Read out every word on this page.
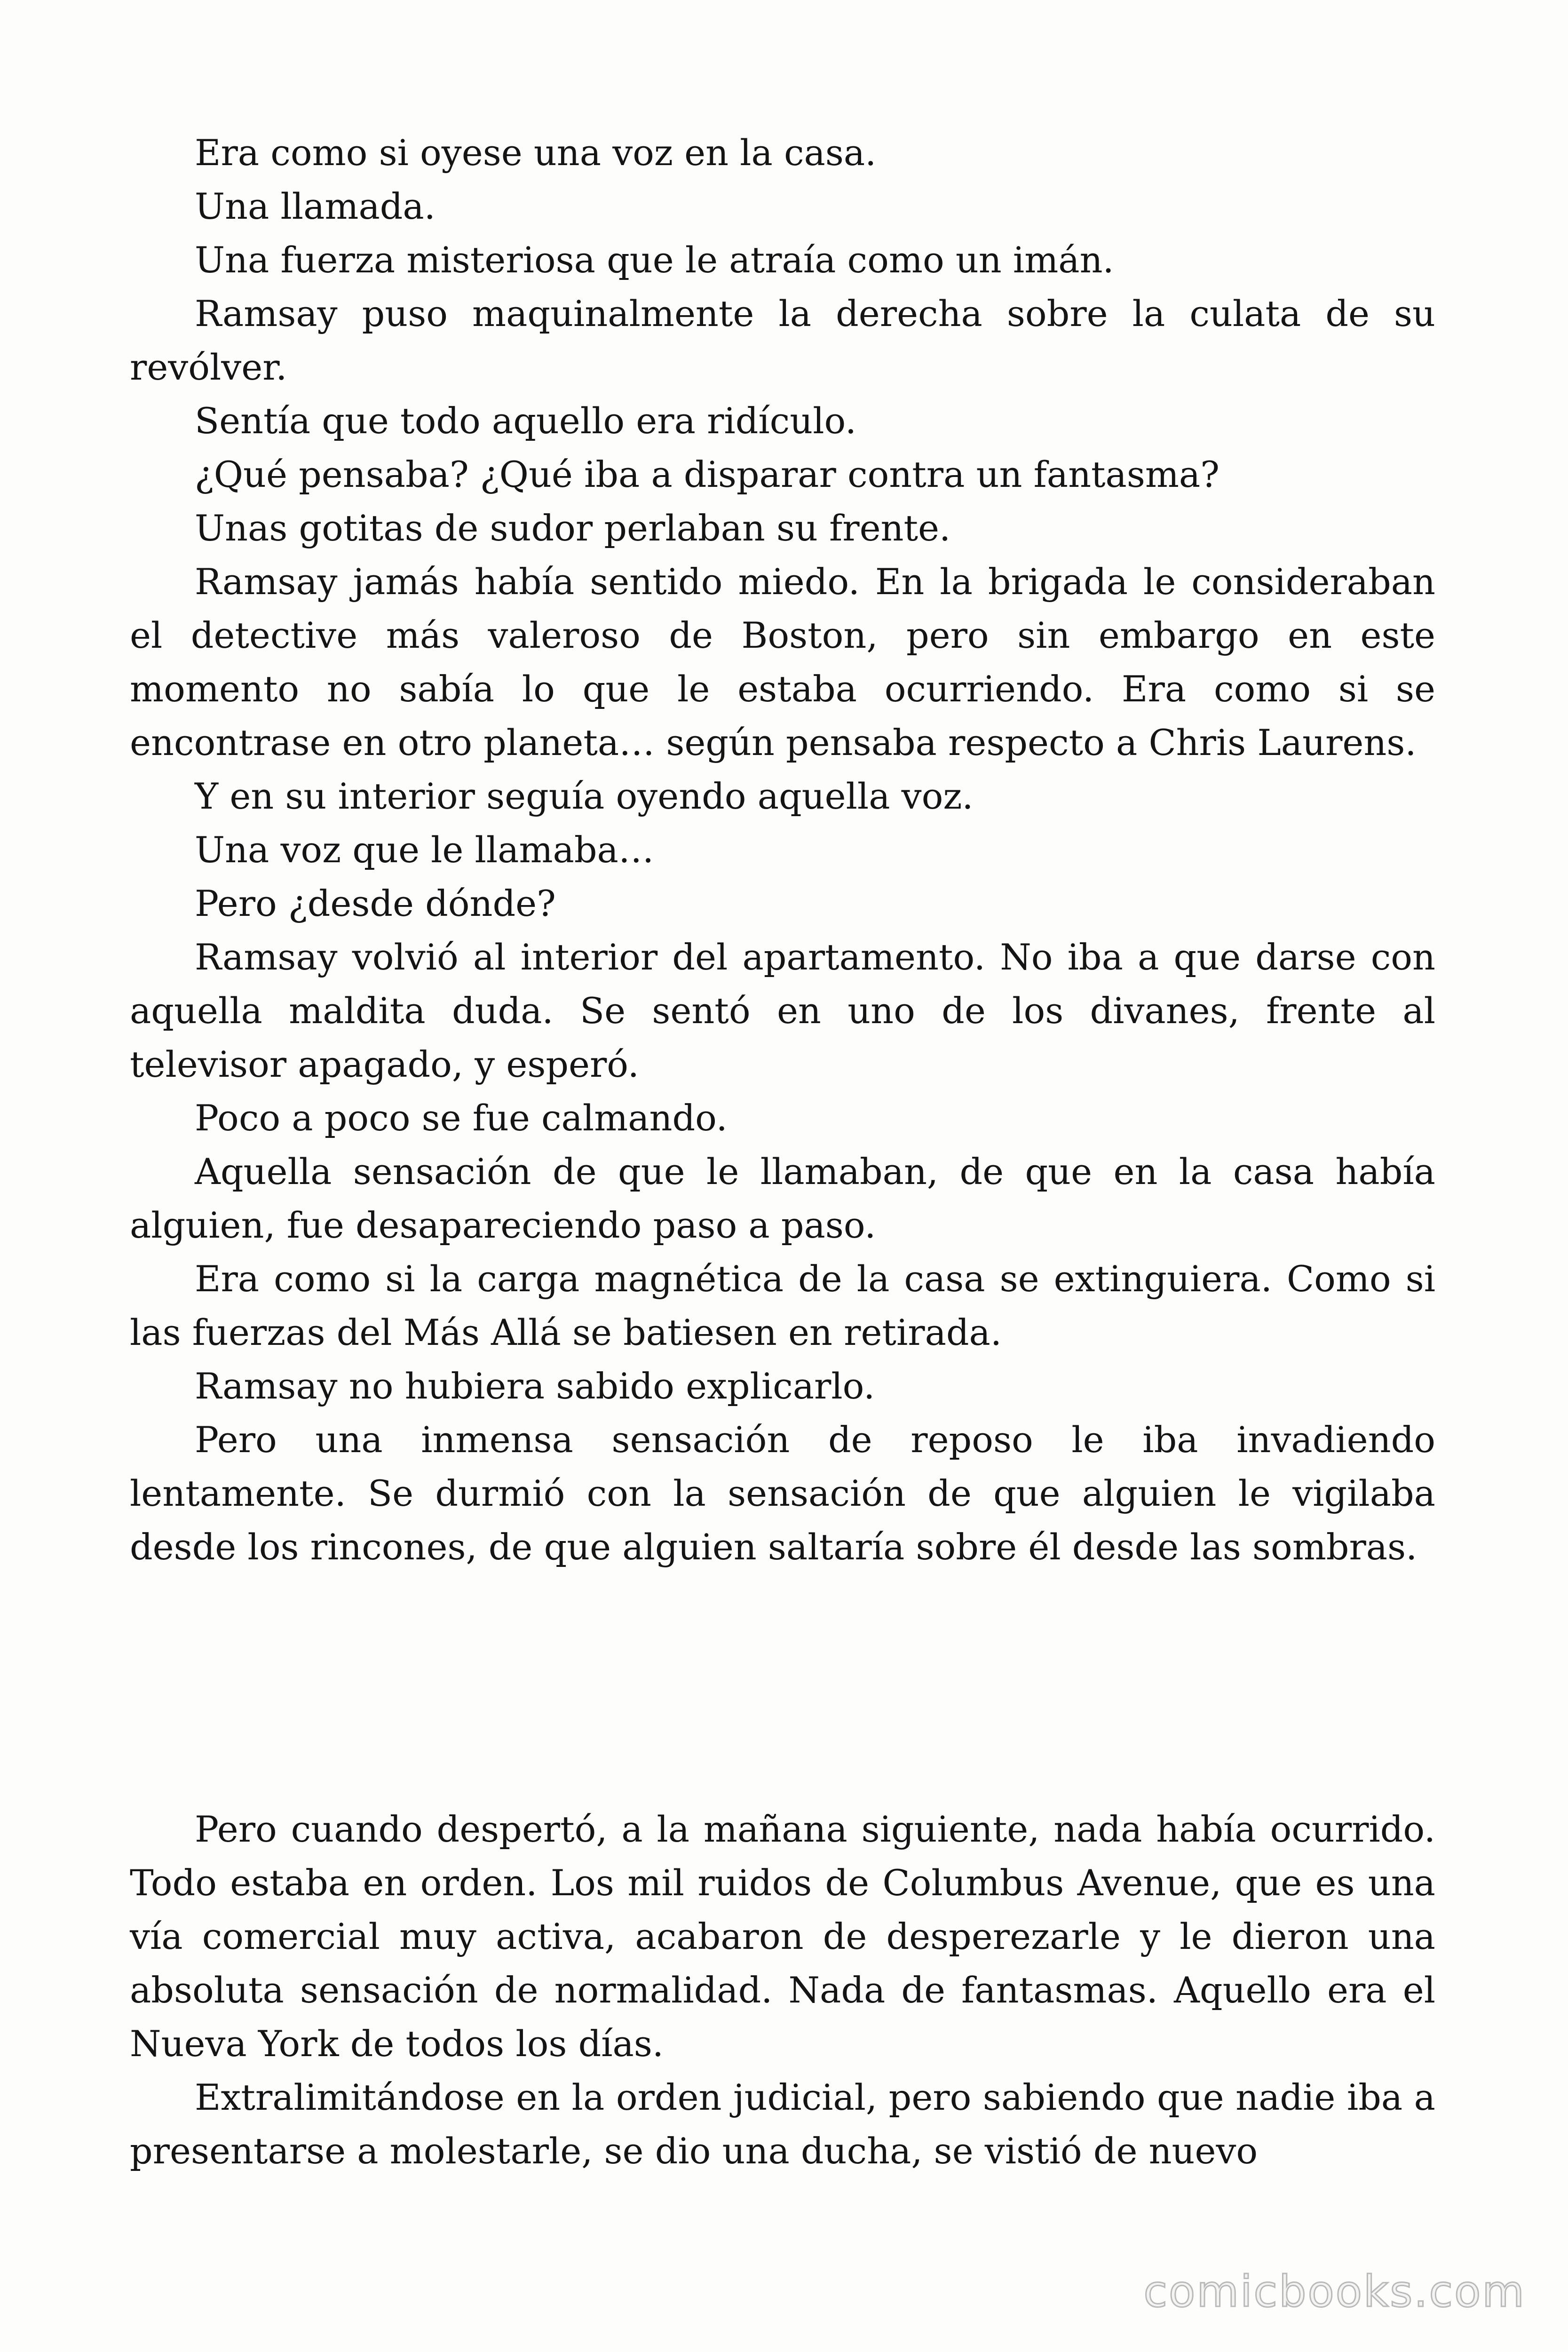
Era como si oyese una voz en la casa.

Una llamada.

Una fuerza misteriosa que le atraía como un imán.

Ramsay puso maquinalmente la derecha sobre la culata de su revólver.

Sentía que todo aquello era ridículo.

¿Qué pensaba? ¿Qué iba a disparar contra un fantasma?

Unas gotitas de sudor perlaban su frente.

Ramsay jamás había sentido miedo. En la brigada le consideraban el detective más valeroso de Boston, pero sin embargo en este momento no sabía lo que le estaba ocurriendo. Era como si se encontrase en otro planeta… según pensaba respecto a Chris Laurens.

Y en su interior seguía oyendo aquella voz.

Una voz que le llamaba…

Pero ¿desde dónde?

Ramsay volvió al interior del apartamento. No iba a que darse con aquella maldita duda. Se sentó en uno de los divanes, frente al televisor apagado, y esperó.

Poco a poco se fue calmando.

Aquella sensación de que le llamaban, de que en la casa había alguien, fue desapareciendo paso a paso.

Era como si la carga magnética de la casa se extinguiera. Como si las fuerzas del Más Allá se batiesen en retirada.

Ramsay no hubiera sabido explicarlo.

Pero una inmensa sensación de reposo le iba invadiendo lentamente. Se durmió con la sensación de que alguien le vigilaba desde los rincones, de que alguien saltaría sobre él desde las sombras.

Pero cuando despertó, a la mañana siguiente, nada había ocurrido. Todo estaba en orden. Los mil ruidos de Columbus Avenue, que es una vía comercial muy activa, acabaron de desperezarle y le dieron una absoluta sensación de normalidad. Nada de fantasmas. Aquello era el Nueva York de todos los días.

Extralimitándose en la orden judicial, pero sabiendo que nadie iba a presentarse a molestarle, se dio una ducha, se vistió de nuevo

comicbooks.com
